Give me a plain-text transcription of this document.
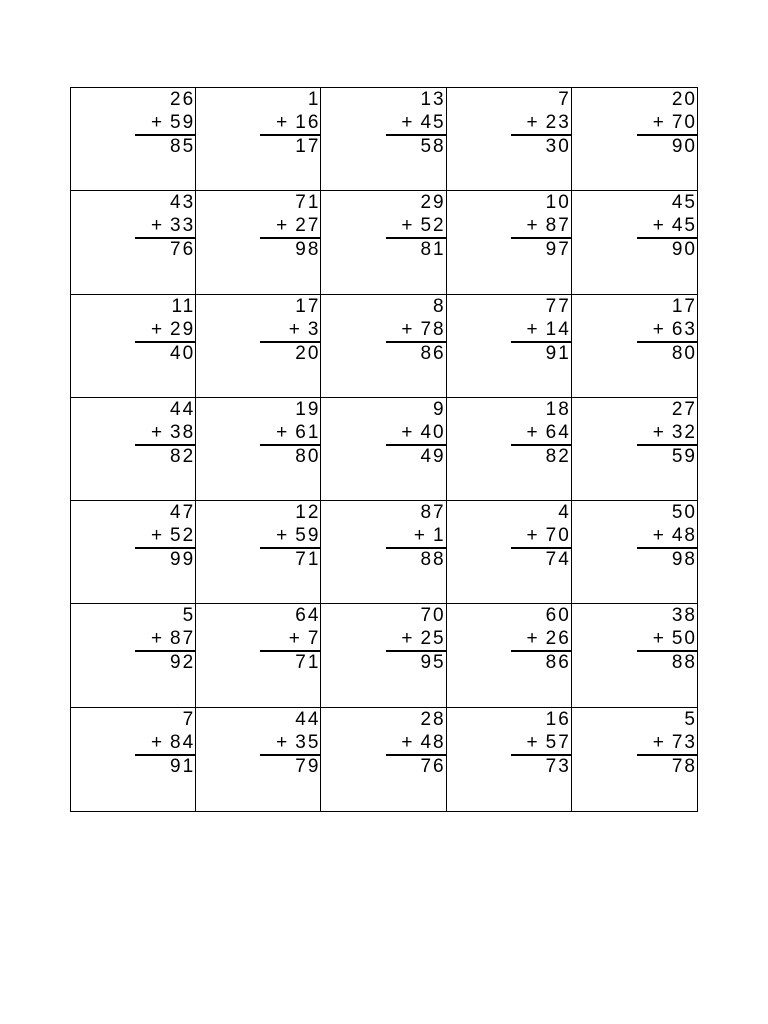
26
+ 59
85
1
+ 16
17
13
+ 45
58
7
+ 23
30
20
+ 70
90
43
+ 33
76
71
+ 27
98
29
+ 52
81
10
+ 87
97
45
+ 45
90
11
+ 29
40
17
+ 3
20
8
+ 78
86
77
+ 14
91
17
+ 63
80
44
+ 38
82
19
+ 61
80
9
+ 40
49
18
+ 64
82
27
+ 32
59
47
+ 52
99
12
+ 59
71
87
+ 1
88
4
+ 70
74
50
+ 48
98
5
+ 87
92
64
+ 7
71
70
+ 25
95
60
+ 26
86
38
+ 50
88
7
+ 84
91
44
+ 35
79
28
+ 48
76
16
+ 57
73
5
+ 73
78
